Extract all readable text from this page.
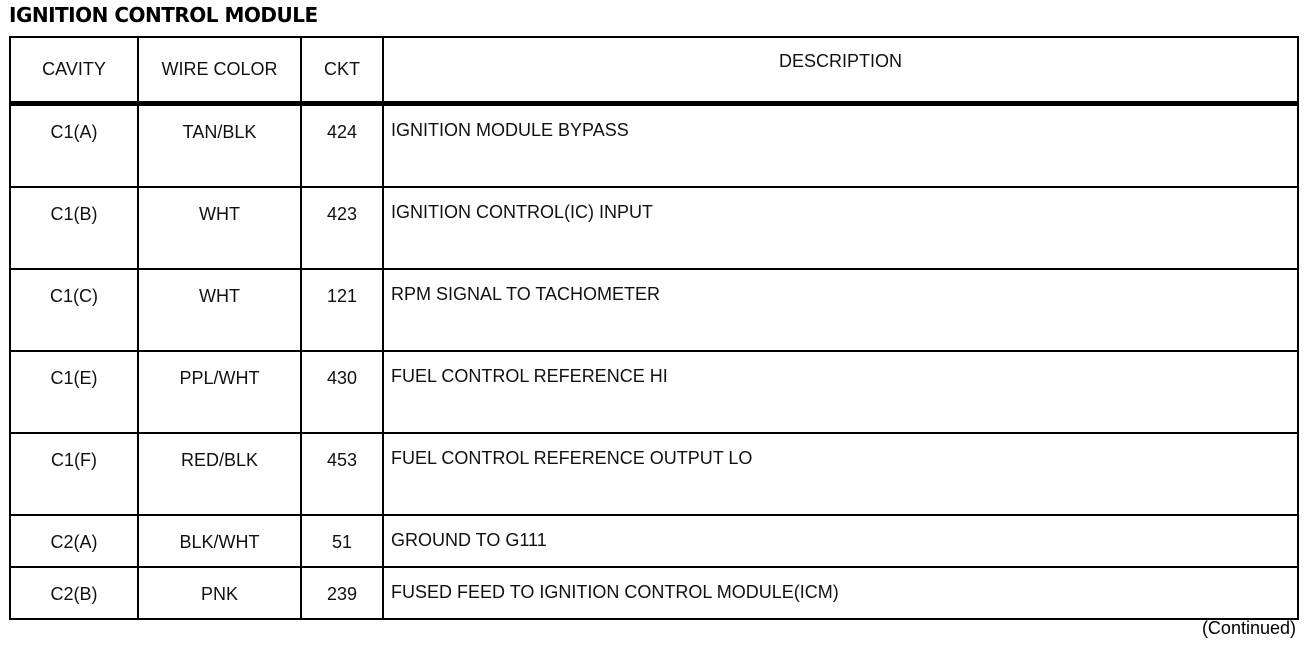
IGNITION CONTROL MODULE
CAVITY	WIRE COLOR	CKT	DESCRIPTION
C1(A)	TAN/BLK	424	IGNITION MODULE BYPASS
C1(B)	WHT	423	IGNITION CONTROL(IC) INPUT
C1(C)	WHT	121	RPM SIGNAL TO TACHOMETER
C1(E)	PPL/WHT	430	FUEL CONTROL REFERENCE HI
C1(F)	RED/BLK	453	FUEL CONTROL REFERENCE OUTPUT LO
C2(A)	BLK/WHT	51	GROUND TO G111
C2(B)	PNK	239	FUSED FEED TO IGNITION CONTROL MODULE(ICM)
(Continued)
